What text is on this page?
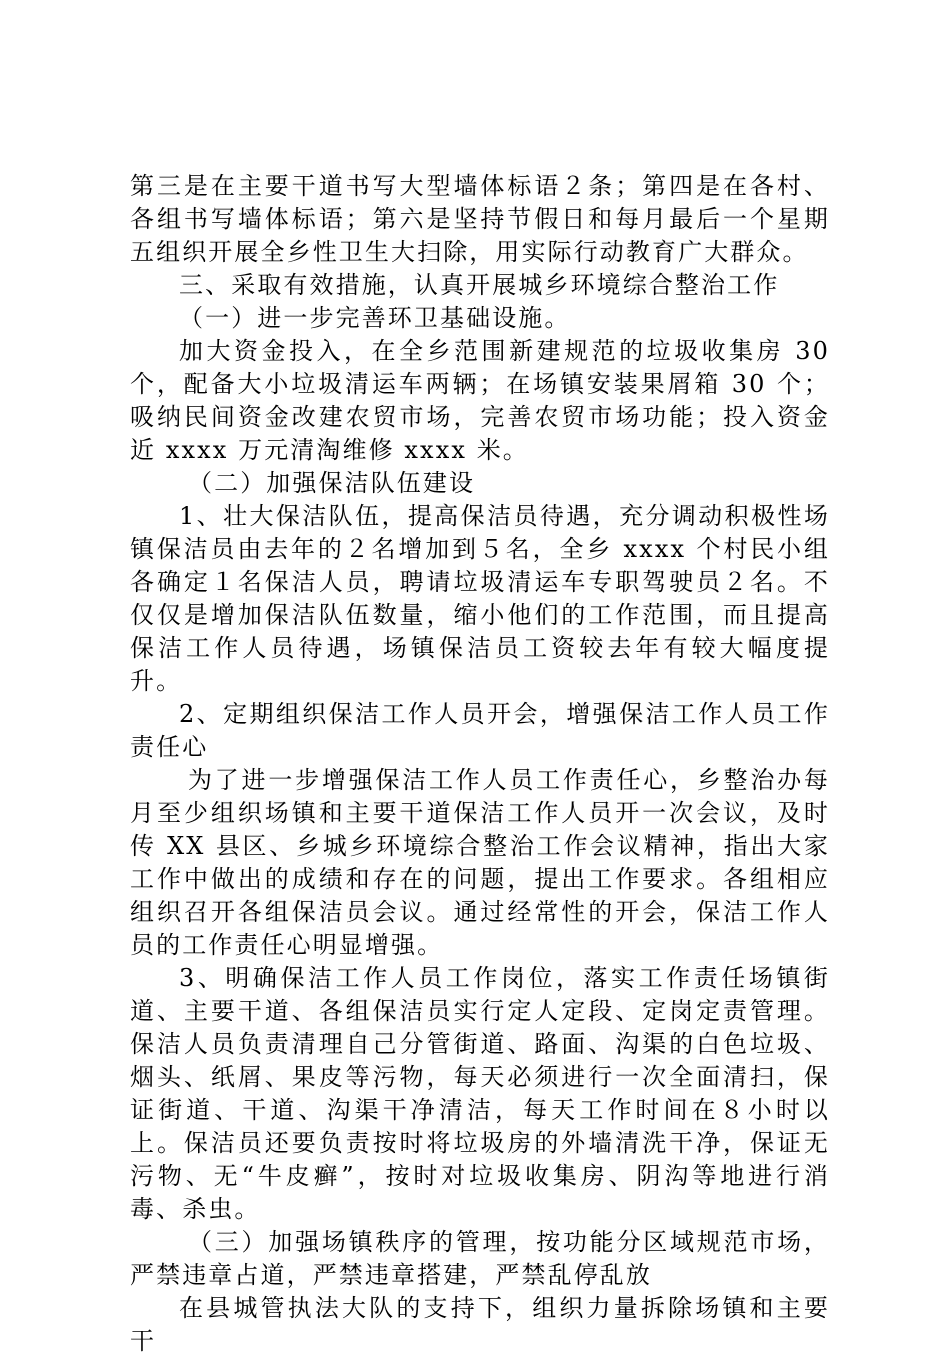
第三是在主要干道书写大型墙体标语２条；第四是在各村、各组书写墙体标语；第六是坚持节假日和每月最后一个星期五组织开展全乡性卫生大扫除，用实际行动教育广大群众。

三、采取有效措施，认真开展城乡环境综合整治工作

（一）进一步完善环卫基础设施。

加大资金投入，在全乡范围新建规范的垃圾收集房 30 个，配备大小垃圾清运车两辆；在场镇安装果屑箱 30 个；吸纳民间资金改建农贸市场，完善农贸市场功能；投入资金近 xxxx 万元清淘维修 xxxx 米。

（二）加强保洁队伍建设

1、壮大保洁队伍，提高保洁员待遇，充分调动积极性场镇保洁员由去年的２名增加到５名，全乡 xxxx 个村民小组各确定１名保洁人员，聘请垃圾清运车专职驾驶员２名。不仅仅是增加保洁队伍数量，缩小他们的工作范围，而且提高保洁工作人员待遇，场镇保洁员工资较去年有较大幅度提升。

2、定期组织保洁工作人员开会，增强保洁工作人员工作责任心

为了进一步增强保洁工作人员工作责任心，乡整治办每月至少组织场镇和主要干道保洁工作人员开一次会议，及时传 XX 县区、乡城乡环境综合整治工作会议精神，指出大家工作中做出的成绩和存在的问题，提出工作要求。各组相应组织召开各组保洁员会议。通过经常性的开会，保洁工作人员的工作责任心明显增强。

3、明确保洁工作人员工作岗位，落实工作责任场镇街道、主要干道、各组保洁员实行定人定段、定岗定责管理。保洁人员负责清理自己分管街道、路面、沟渠的白色垃圾、烟头、纸屑、果皮等污物，每天必须进行一次全面清扫，保证街道、干道、沟渠干净清洁，每天工作时间在８小时以上。保洁员还要负责按时将垃圾房的外墙清洗干净，保证无污物、无“牛皮癣”，按时对垃圾收集房、阴沟等地进行消毒、杀虫。

（三）加强场镇秩序的管理，按功能分区域规范市场，严禁违章占道，严禁违章搭建，严禁乱停乱放

在县城管执法大队的支持下，组织力量拆除场镇和主要干
